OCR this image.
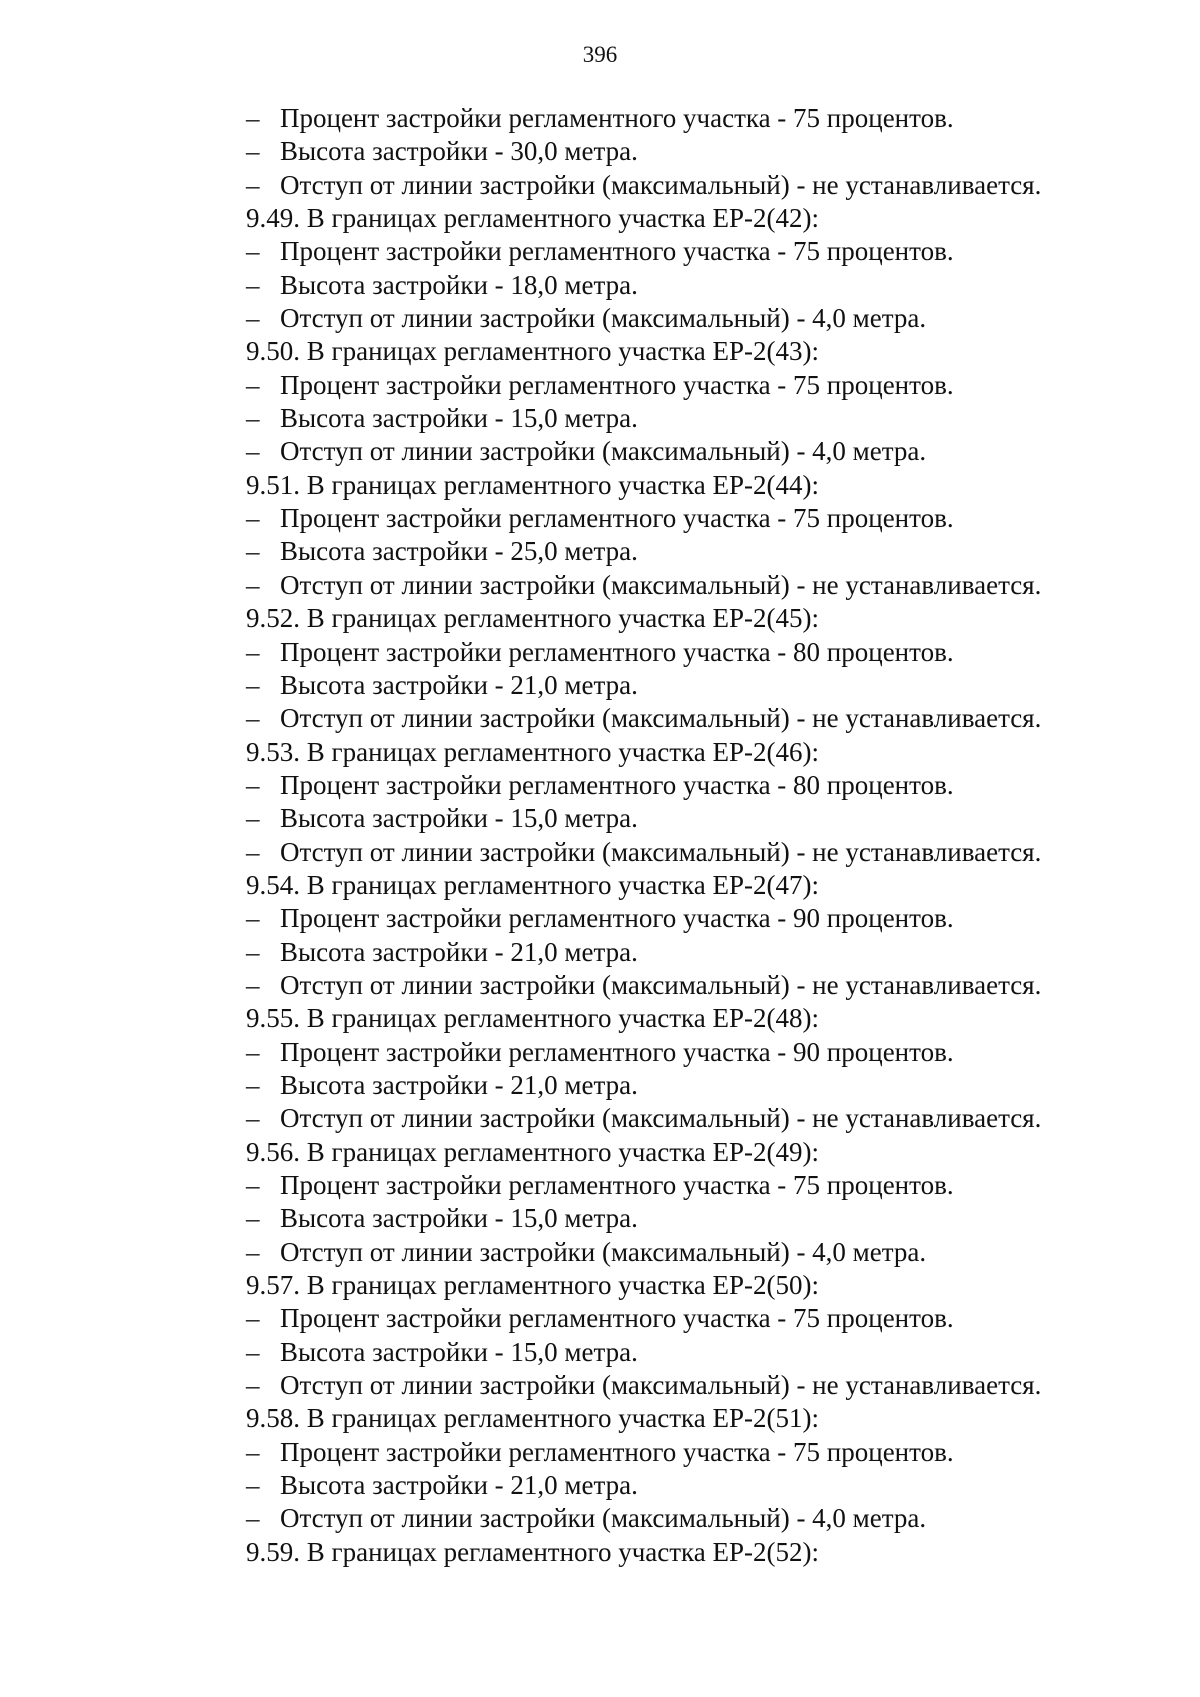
396
– Процент застройки регламентного участка - 75 процентов.
– Высота застройки - 30,0 метра.
– Отступ от линии застройки (максимальный) - не устанавливается.
9.49. В границах регламентного участка ЕР-2(42):
– Процент застройки регламентного участка - 75 процентов.
– Высота застройки - 18,0 метра.
– Отступ от линии застройки (максимальный) - 4,0 метра.
9.50. В границах регламентного участка ЕР-2(43):
– Процент застройки регламентного участка - 75 процентов.
– Высота застройки - 15,0 метра.
– Отступ от линии застройки (максимальный) - 4,0 метра.
9.51. В границах регламентного участка ЕР-2(44):
– Процент застройки регламентного участка - 75 процентов.
– Высота застройки - 25,0 метра.
– Отступ от линии застройки (максимальный) - не устанавливается.
9.52. В границах регламентного участка ЕР-2(45):
– Процент застройки регламентного участка - 80 процентов.
– Высота застройки - 21,0 метра.
– Отступ от линии застройки (максимальный) - не устанавливается.
9.53. В границах регламентного участка ЕР-2(46):
– Процент застройки регламентного участка - 80 процентов.
– Высота застройки - 15,0 метра.
– Отступ от линии застройки (максимальный) - не устанавливается.
9.54. В границах регламентного участка ЕР-2(47):
– Процент застройки регламентного участка - 90 процентов.
– Высота застройки - 21,0 метра.
– Отступ от линии застройки (максимальный) - не устанавливается.
9.55. В границах регламентного участка ЕР-2(48):
– Процент застройки регламентного участка - 90 процентов.
– Высота застройки - 21,0 метра.
– Отступ от линии застройки (максимальный) - не устанавливается.
9.56. В границах регламентного участка ЕР-2(49):
– Процент застройки регламентного участка - 75 процентов.
– Высота застройки - 15,0 метра.
– Отступ от линии застройки (максимальный) - 4,0 метра.
9.57. В границах регламентного участка ЕР-2(50):
– Процент застройки регламентного участка - 75 процентов.
– Высота застройки - 15,0 метра.
– Отступ от линии застройки (максимальный) - не устанавливается.
9.58. В границах регламентного участка ЕР-2(51):
– Процент застройки регламентного участка - 75 процентов.
– Высота застройки - 21,0 метра.
– Отступ от линии застройки (максимальный) - 4,0 метра.
9.59. В границах регламентного участка ЕР-2(52):
